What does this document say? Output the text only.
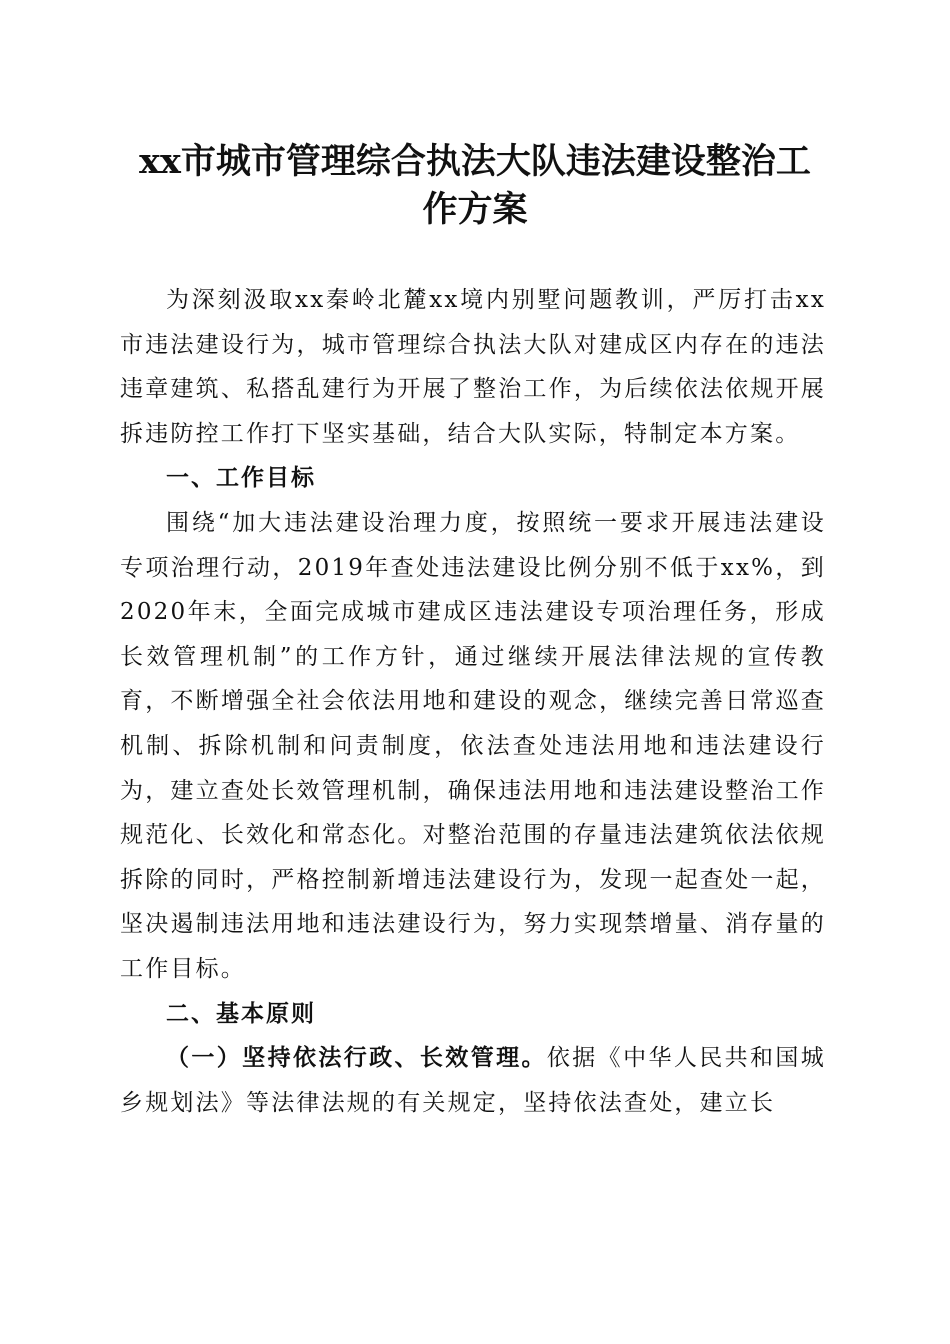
xx市城市管理综合执法大队违法建设整治工
作方案

为深刻汲取xx秦岭北麓xx境内别墅问题教训，严厉打击xx市违法建设行为，城市管理综合执法大队对建成区内存在的违法违章建筑、私搭乱建行为开展了整治工作，为后续依法依规开展拆违防控工作打下坚实基础，结合大队实际，特制定本方案。

一、工作目标

围绕“加大违法建设治理力度，按照统一要求开展违法建设专项治理行动，2019年查处违法建设比例分别不低于xx%，到2020年末，全面完成城市建成区违法建设专项治理任务，形成长效管理机制”的工作方针，通过继续开展法律法规的宣传教育，不断增强全社会依法用地和建设的观念，继续完善日常巡查机制、拆除机制和问责制度，依法查处违法用地和违法建设行为，建立查处长效管理机制，确保违法用地和违法建设整治工作规范化、长效化和常态化。对整治范围的存量违法建筑依法依规拆除的同时，严格控制新增违法建设行为，发现一起查处一起，坚决遏制违法用地和违法建设行为，努力实现禁增量、消存量的工作目标。

二、基本原则

（一）坚持依法行政、长效管理。依据《中华人民共和国城乡规划法》等法律法规的有关规定，坚持依法查处，建立长
